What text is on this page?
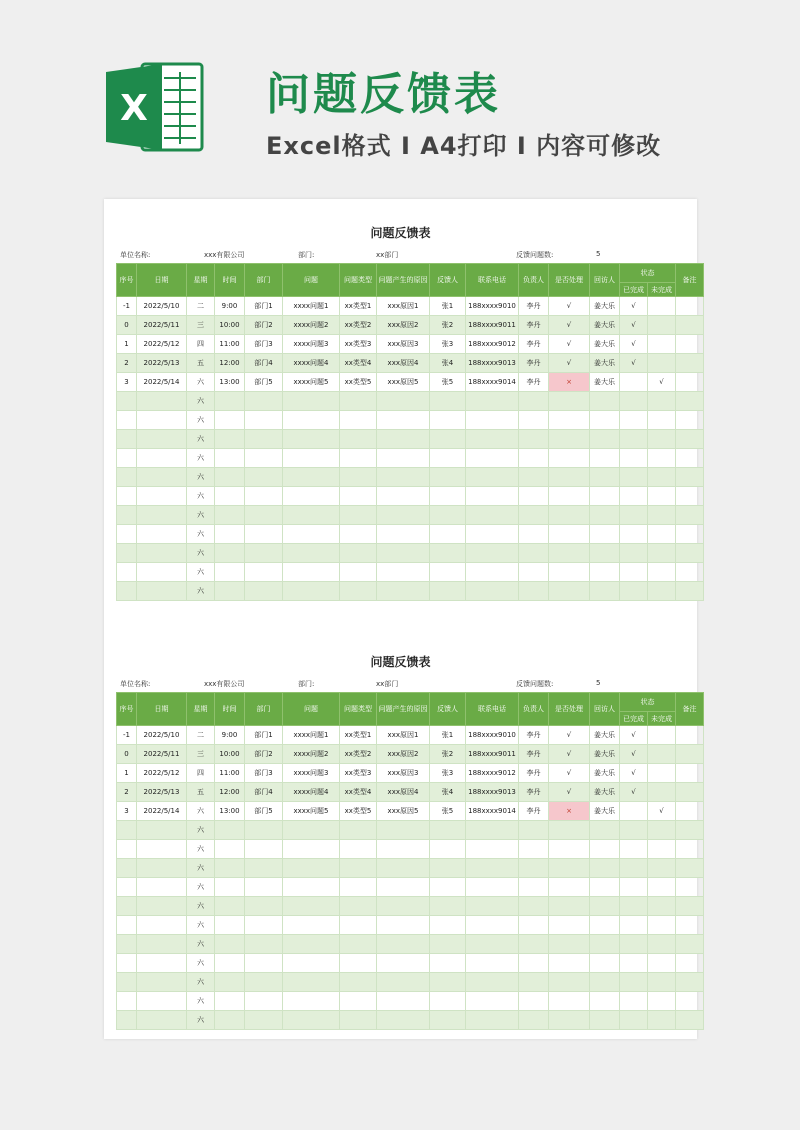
X	问题反馈表
Excel格式 I A4打印 I 内容可修改
问题反馈表
单位名称:	xxx有限公司	部门:	xx部门	反馈问题数:	5
序号	日期	星期	时间	部门	问题	问题类型	问题产生的原因	反馈人	联系电话	负责人	是否处理	回访人	状态		备注
													已完成	未完成	
-1	2022/5/10	二	9:00	部门1	xxxx问题1	xx类型1	xxx原因1	张1	188xxxx9010	李丹	√	姜大乐	√		
0	2022/5/11	三	10:00	部门2	xxxx问题2	xx类型2	xxx原因2	张2	188xxxx9011	李丹	√	姜大乐	√		
1	2022/5/12	四	11:00	部门3	xxxx问题3	xx类型3	xxx原因3	张3	188xxxx9012	李丹	√	姜大乐	√		
2	2022/5/13	五	12:00	部门4	xxxx问题4	xx类型4	xxx原因4	张4	188xxxx9013	李丹	√	姜大乐	√		
3	2022/5/14	六	13:00	部门5	xxxx问题5	xx类型5	xxx原因5	张5	188xxxx9014	李丹	×	姜大乐		√	
		六													
		六													
		六													
		六													
		六													
		六													
		六													
		六													
		六													
		六													
		六													
问题反馈表
单位名称:	xxx有限公司	部门:	xx部门	反馈问题数:	5
序号	日期	星期	时间	部门	问题	问题类型	问题产生的原因	反馈人	联系电话	负责人	是否处理	回访人	状态		备注
													已完成	未完成	
-1	2022/5/10	二	9:00	部门1	xxxx问题1	xx类型1	xxx原因1	张1	188xxxx9010	李丹	√	姜大乐	√		
0	2022/5/11	三	10:00	部门2	xxxx问题2	xx类型2	xxx原因2	张2	188xxxx9011	李丹	√	姜大乐	√		
1	2022/5/12	四	11:00	部门3	xxxx问题3	xx类型3	xxx原因3	张3	188xxxx9012	李丹	√	姜大乐	√		
2	2022/5/13	五	12:00	部门4	xxxx问题4	xx类型4	xxx原因4	张4	188xxxx9013	李丹	√	姜大乐	√		
3	2022/5/14	六	13:00	部门5	xxxx问题5	xx类型5	xxx原因5	张5	188xxxx9014	李丹	×	姜大乐		√	
		六													
		六													
		六													
		六													
		六													
		六													
		六													
		六													
		六													
		六													
		六													
